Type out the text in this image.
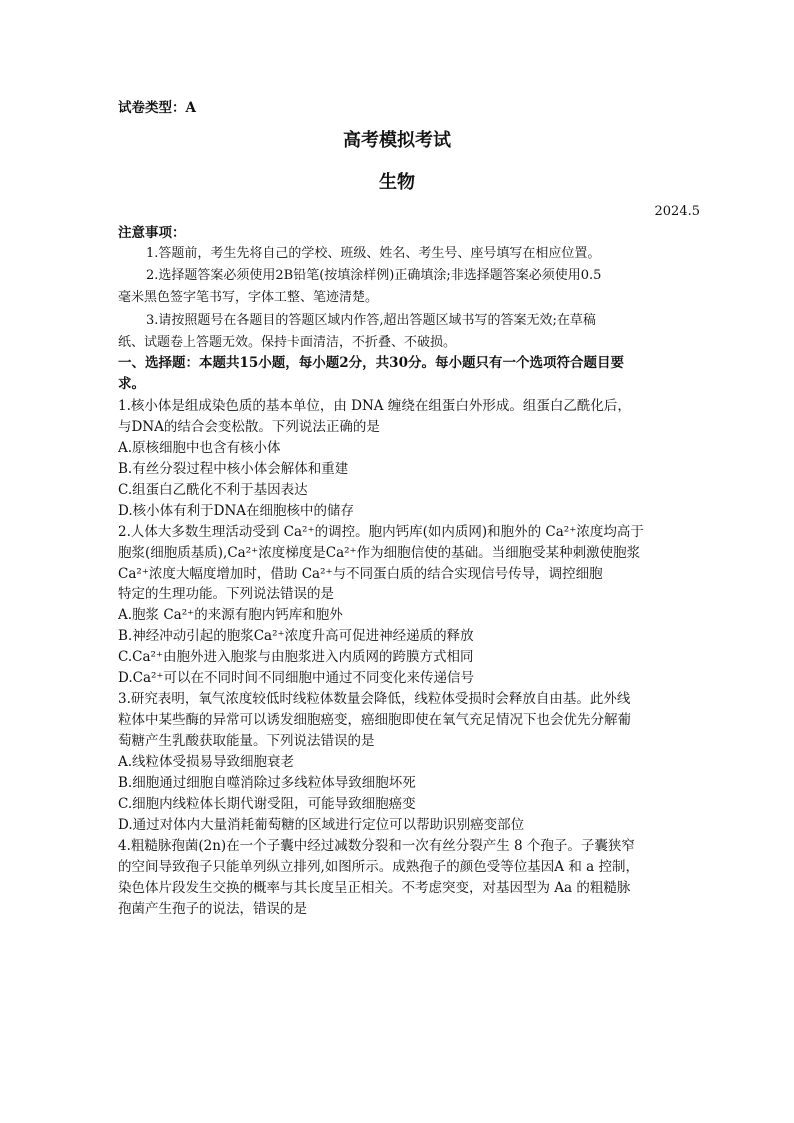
试卷类型：A
高考模拟考试
生物
2024.5
注意事项：
1.答题前，考生先将自己的学校、班级、姓名、考生号、座号填写在相应位置。
2.选择题答案必须使用2B铅笔(按填涂样例)正确填涂;非选择题答案必须使用0.5
毫米黑色签字笔书写，字体工整、笔迹清楚。
3.请按照题号在各题目的答题区域内作答,超出答题区域书写的答案无效;在草稿
纸、试题卷上答题无效。保持卡面清洁，不折叠、不破损。
一、选择题：本题共15小题，每小题2分，共30分。每小题只有一个选项符合题目要
求。
1.核小体是组成染色质的基本单位，由 DNA 缠绕在组蛋白外形成。组蛋白乙酰化后，
与DNA的结合会变松散。下列说法正确的是
A.原核细胞中也含有核小体
B.有丝分裂过程中核小体会解体和重建
C.组蛋白乙酰化不利于基因表达
D.核小体有利于DNA在细胞核中的储存
2.人体大多数生理活动受到 Ca²⁺的调控。胞内钙库(如内质网)和胞外的 Ca²⁺浓度均高于
胞浆(细胞质基质),Ca²⁺浓度梯度是Ca²⁺作为细胞信使的基础。当细胞受某种刺激使胞浆
Ca²⁺浓度大幅度增加时，借助 Ca²⁺与不同蛋白质的结合实现信号传导，调控细胞
特定的生理功能。下列说法错误的是
A.胞浆 Ca²⁺的来源有胞内钙库和胞外
B.神经冲动引起的胞浆Ca²⁺浓度升高可促进神经递质的释放
C.Ca²⁺由胞外进入胞浆与由胞浆进入内质网的跨膜方式相同
D.Ca²⁺可以在不同时间不同细胞中通过不同变化来传递信号
3.研究表明，氧气浓度较低时线粒体数量会降低，线粒体受损时会释放自由基。此外线
粒体中某些酶的异常可以诱发细胞癌变，癌细胞即使在氧气充足情况下也会优先分解葡
萄糖产生乳酸获取能量。下列说法错误的是
A.线粒体受损易导致细胞衰老
B.细胞通过细胞自噬消除过多线粒体导致细胞坏死
C.细胞内线粒体长期代谢受阻，可能导致细胞癌变
D.通过对体内大量消耗葡萄糖的区域进行定位可以帮助识别癌变部位
4.粗糙脉孢菌(2n)在一个子囊中经过减数分裂和一次有丝分裂产生 8 个孢子。子囊狭窄
的空间导致孢子只能单列纵立排列,如图所示。成熟孢子的颜色受等位基因A 和 a 控制，
染色体片段发生交换的概率与其长度呈正相关。不考虑突变，对基因型为 Aa 的粗糙脉
孢菌产生孢子的说法，错误的是
